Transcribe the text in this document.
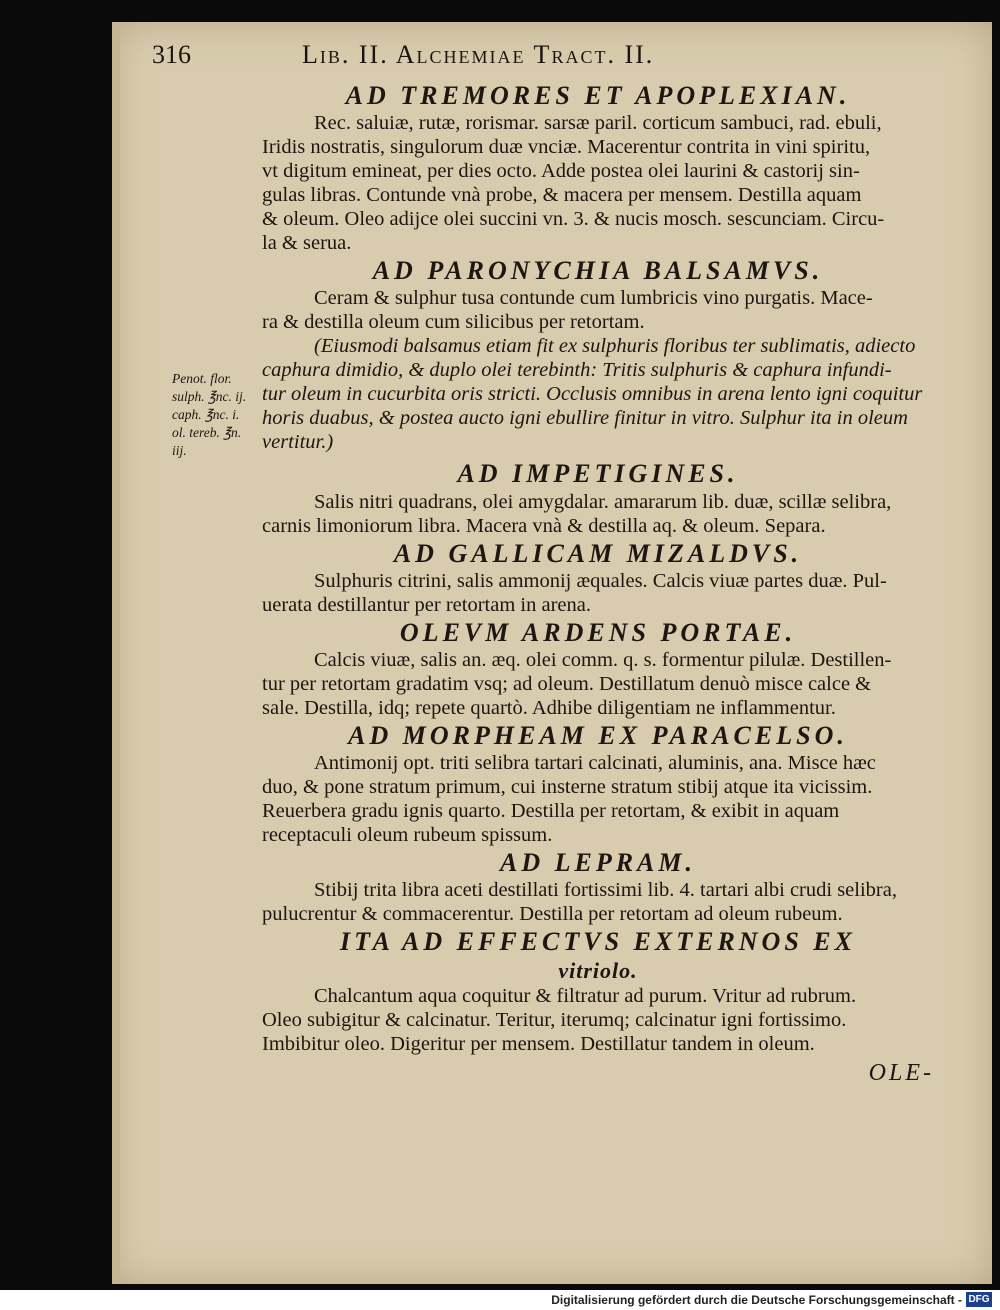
316	Lib. II. Alchemiae Tract. II.
Penot. flor.
sulph. ℥nc. ij.
caph. ℥nc. i.
ol. tereb. ℥n.
iij.
AD TREMORES ET APOPLEXIAN.

Rec. saluiæ, rutæ, rorismar. sarsæ paril. corticum sambuci, rad. ebuli,
Iridis nostratis, singulorum duæ vnciæ. Macerentur contrita in vini spiritu,
vt digitum emineat, per dies octo. Adde postea olei laurini & castorij sin-
gulas libras. Contunde vnà probe, & macera per mensem. Destilla aquam
& oleum. Oleo adijce olei succini vn. 3. & nucis mosch. sescunciam. Circu-
la & serua.

AD PARONYCHIA BALSAMVS.

Ceram & sulphur tusa contunde cum lumbricis vino purgatis. Mace-
ra & destilla oleum cum silicibus per retortam.

(Eiusmodi balsamus etiam fit ex sulphuris floribus ter sublimatis, adiecto
caphura dimidio, & duplo olei terebinth: Tritis sulphuris & caphura infundi-
tur oleum in cucurbita oris stricti. Occlusis omnibus in arena lento igni coquitur
horis duabus, & postea aucto igni ebullire finitur in vitro. Sulphur ita in oleum
vertitur.)

AD IMPETIGINES.

Salis nitri quadrans, olei amygdalar. amararum lib. duæ, scillæ selibra,
carnis limoniorum libra. Macera vnà & destilla aq. & oleum. Separa.

AD GALLICAM MIZALDVS.

Sulphuris citrini, salis ammonij æquales. Calcis viuæ partes duæ. Pul-
uerata destillantur per retortam in arena.

OLEVM ARDENS PORTAE.

Calcis viuæ, salis an. æq. olei comm. q. s. formentur pilulæ. Destillen-
tur per retortam gradatim vsq; ad oleum. Destillatum denuò misce calce &
sale. Destilla, idq; repete quartò. Adhibe diligentiam ne inflammentur.

AD MORPHEAM EX PARACELSO.

Antimonij opt. triti selibra tartari calcinati, aluminis, ana. Misce hæc
duo, & pone stratum primum, cui insterne stratum stibij atque ita vicissim.
Reuerbera gradu ignis quarto. Destilla per retortam, & exibit in aquam
receptaculi oleum rubeum spissum.

AD LEPRAM.

Stibij trita libra aceti destillati fortissimi lib. 4. tartari albi crudi selibra,
pulucrentur & commacerentur. Destilla per retortam ad oleum rubeum.

ITA AD EFFECTVS EXTERNOS EX
vitriolo.

Chalcantum aqua coquitur & filtratur ad purum. Vritur ad rubrum.
Oleo subigitur & calcinatur. Teritur, iterumq; calcinatur igni fortissimo.
Imbibitur oleo. Digeritur per mensem. Destillatur tandem in oleum.

OLE-
Digitalisierung gefördert durch die Deutsche Forschungsgemeinschaft - DFG
